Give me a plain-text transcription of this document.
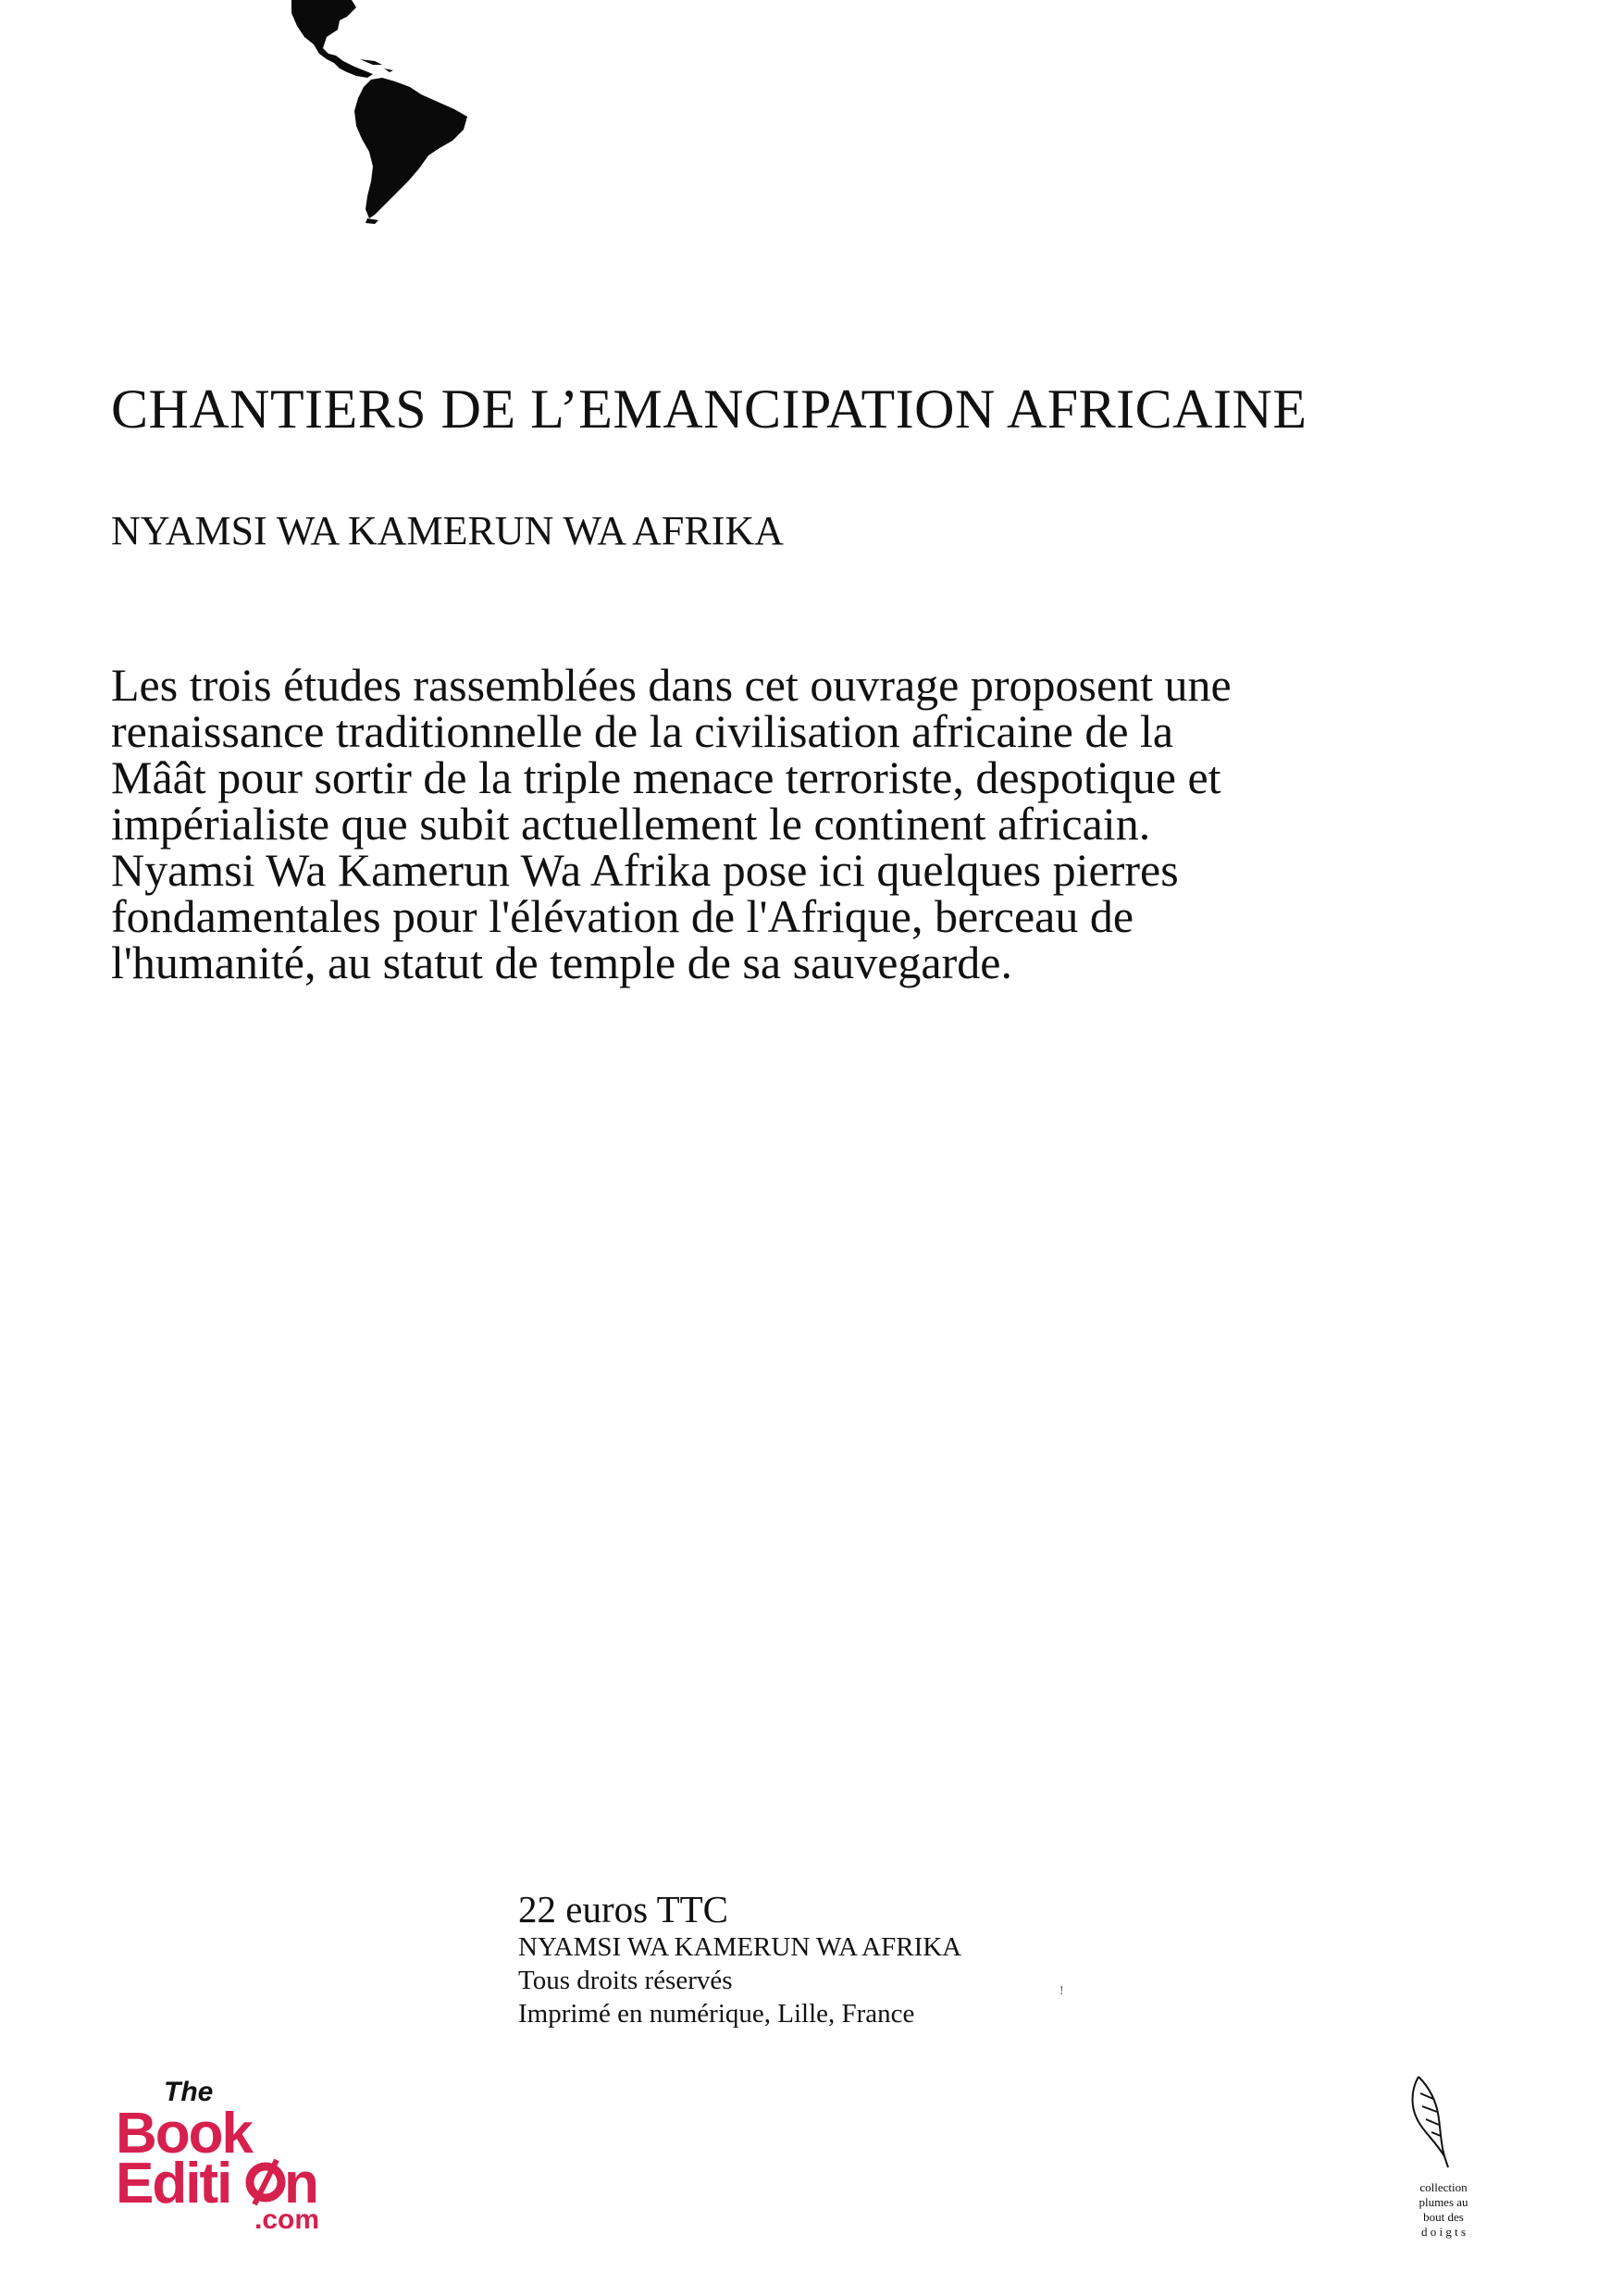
CHANTIERS DE L’EMANCIPATION AFRICAINE
NYAMSI WA KAMERUN WA AFRIKA

Les trois études rassemblées dans cet ouvrage proposent une renaissance traditionnelle de la civilisation africaine de la Mâât pour sortir de la triple menace terroriste, despotique et impérialiste que subit actuellement le continent africain. Nyamsi Wa Kamerun Wa Afrika pose ici quelques pierres fondamentales pour l'élévation de l'Afrique, berceau de l'humanité, au statut de temple de sa sauvegarde.

22 euros TTC
NYAMSI WA KAMERUN WA AFRIKA
Tous droits réservés
Imprimé en numérique, Lille, France
!
The
Book
Editi n
.com
collection
plumes au
bout des
d o i g t s
